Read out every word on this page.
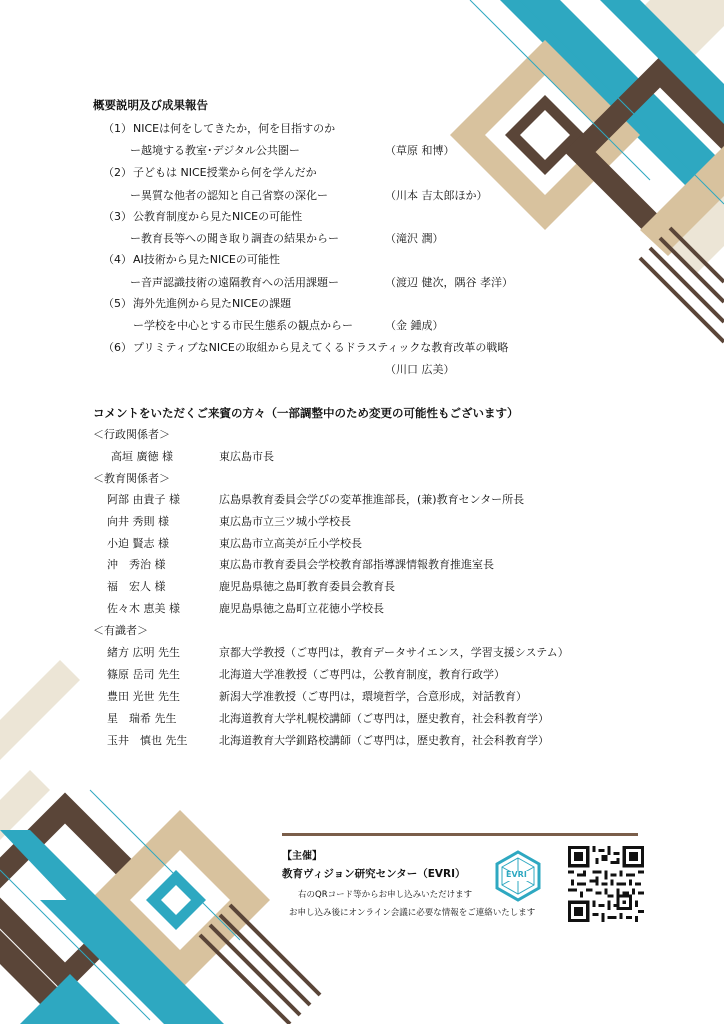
概要説明及び成果報告
（1） NICEは何をしてきたか，何を目指すのか
ー越境する教室･デジタル公共圏ー	（草原 和博）
（2） 子どもは NICE授業から何を学んだか
ー異質な他者の認知と自己省察の深化ー	（川本 吉太郎ほか）
（3） 公教育制度から見たNICEの可能性
ー教育長等への聞き取り調査の結果からー	（滝沢 潤）
（4） AI技術から見たNICEの可能性
ー音声認識技術の遠隔教育への活用課題ー	（渡辺 健次，隅谷 孝洋）
（5） 海外先進例から見たNICEの課題
ー学校を中心とする市民生態系の観点からー	（金 鍾成）
（6） プリミティブなNICEの取組から見えてくるドラスティックな教育改革の戦略
（川口 広美）
コメントをいただくご来賓の方々（一部調整中のため変更の可能性もございます）
＜行政関係者＞
高垣 廣徳 様	東広島市長
＜教育関係者＞
阿部 由貴子 様	広島県教育委員会学びの変革推進部長，(兼)教育センター所長
向井 秀則 様	東広島市立三ツ城小学校長
小迫 賢志 様	東広島市立高美が丘小学校長
沖　秀治 様	東広島市教育委員会学校教育部指導課情報教育推進室長
福　宏人 様	鹿児島県徳之島町教育委員会教育長
佐々木 恵美 様	鹿児島県徳之島町立花徳小学校長
＜有識者＞
緒方 広明 先生	京都大学教授（ご専門は，教育データサイエンス，学習支援システム）
篠原 岳司 先生	北海道大学准教授（ご専門は，公教育制度，教育行政学）
豊田 光世 先生	新潟大学准教授（ご専門は，環境哲学，合意形成，対話教育）
星　瑞希 先生	北海道教育大学札幌校講師（ご専門は，歴史教育，社会科教育学）
玉井　慎也 先生	北海道教育大学釧路校講師（ご専門は，歴史教育，社会科教育学）
【主催】
教育ヴィジョン研究センター（EVRI）
右のQRコード等からお申し込みいただけます
お申し込み後にオンライン会議に必要な情報をご連絡いたします
EVRI
